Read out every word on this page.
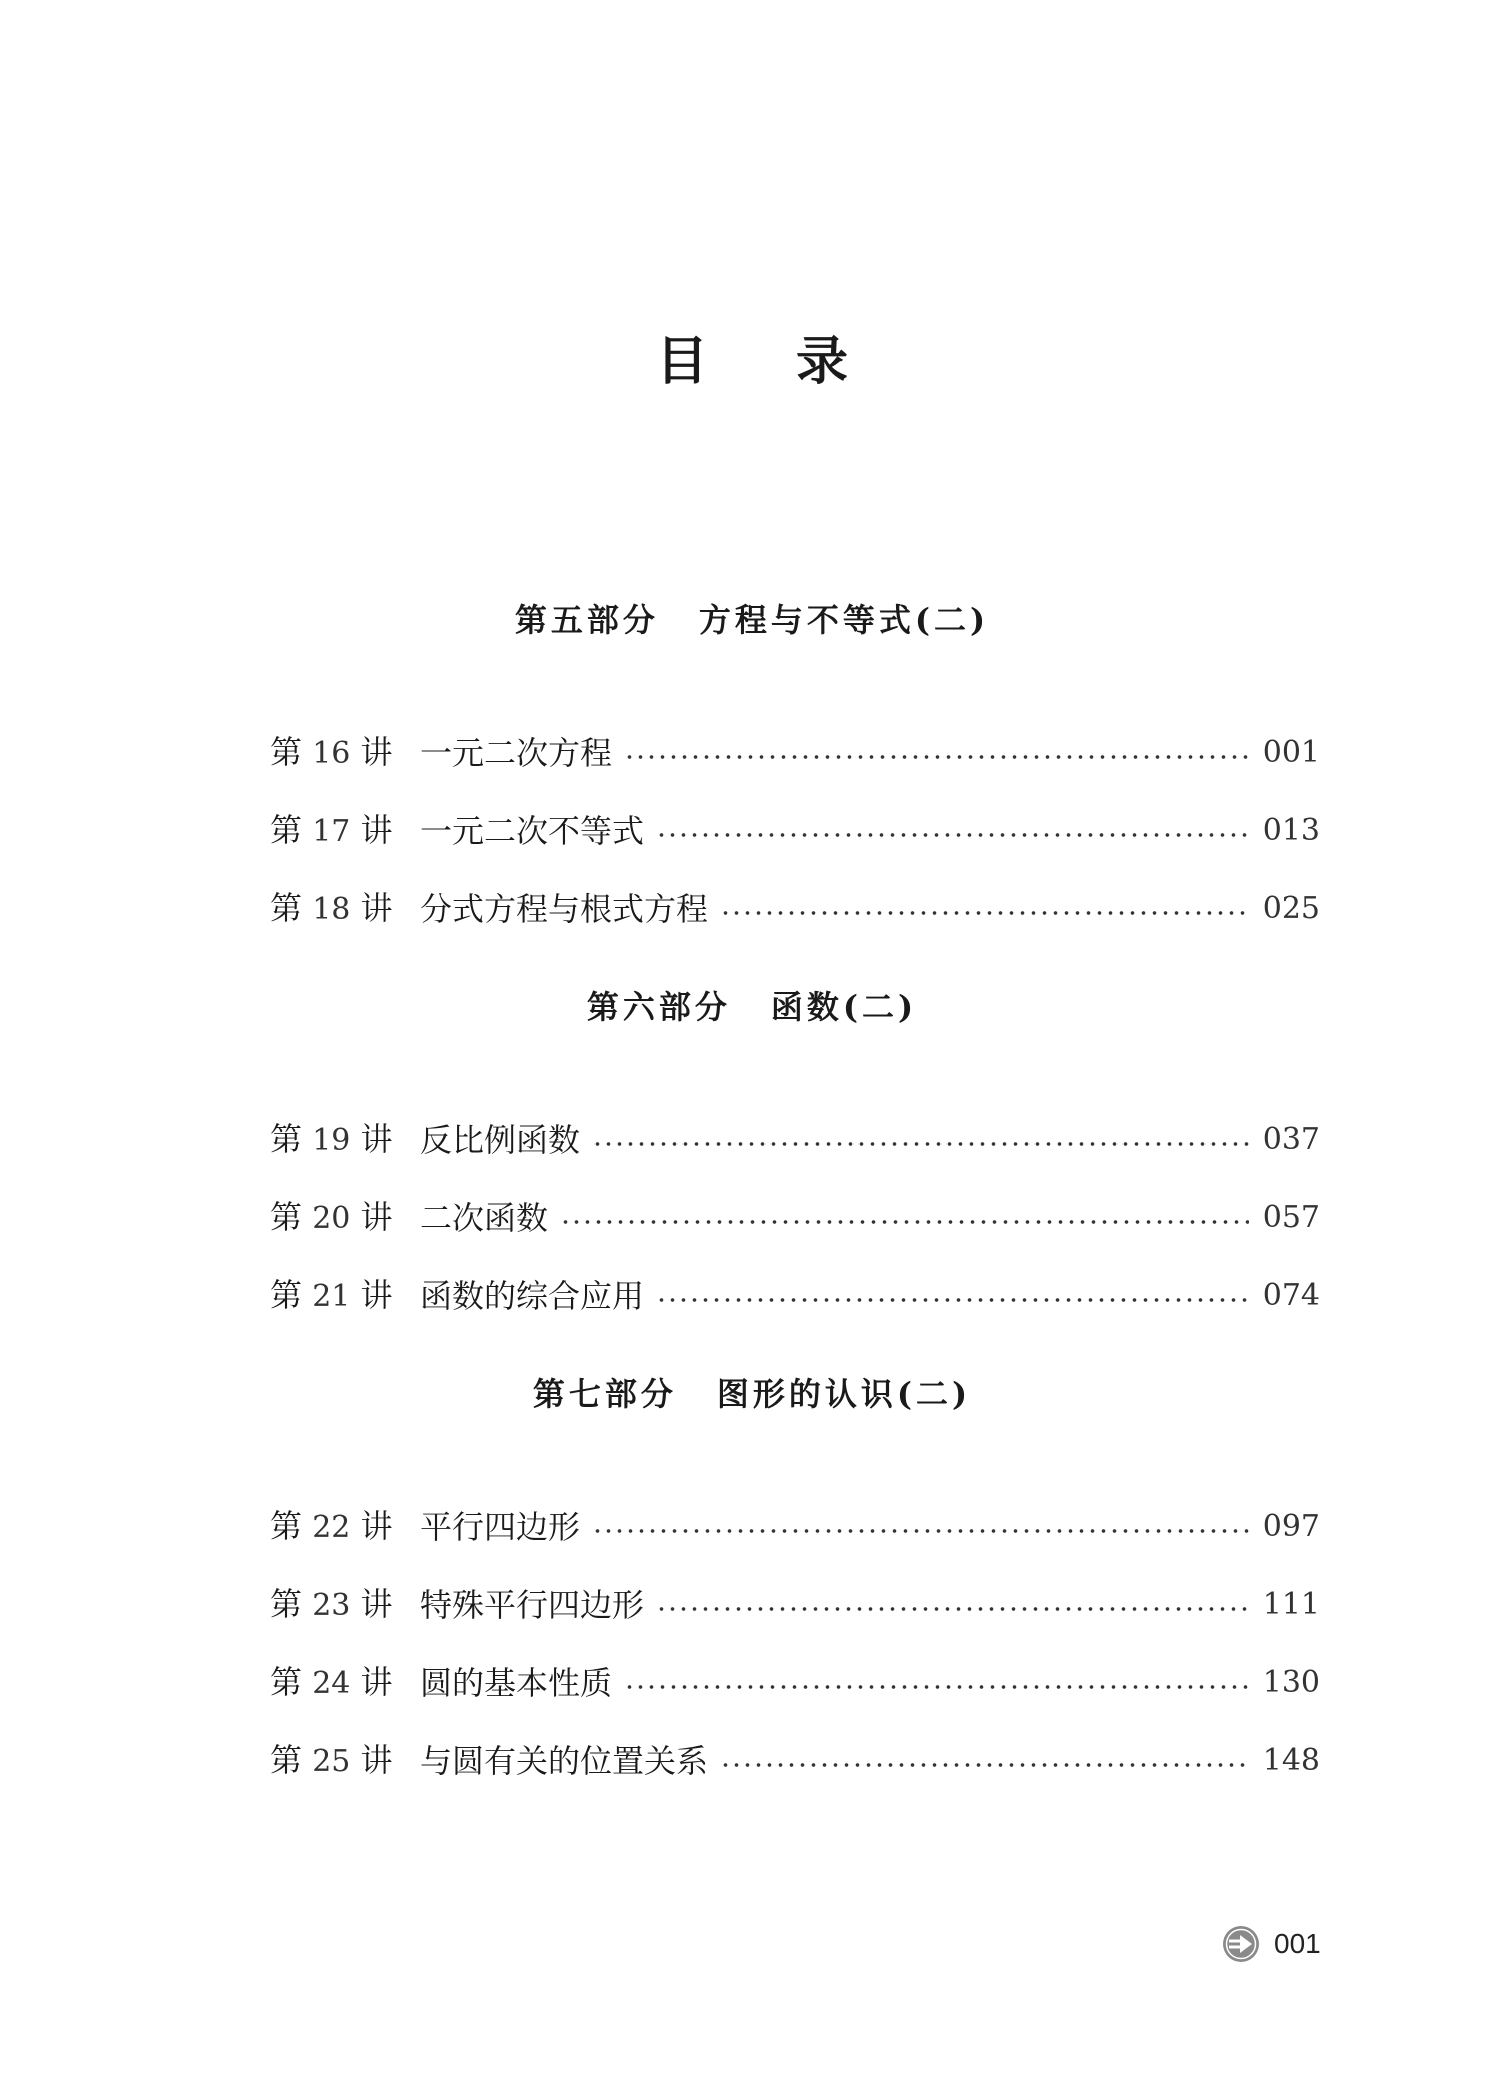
目 录
第五部分 方程与不等式(二)
第 16 讲 一元二次方程	001
第 17 讲 一元二次不等式	013
第 18 讲 分式方程与根式方程	025
第六部分 函数(二)
第 19 讲 反比例函数	037
第 20 讲 二次函数	057
第 21 讲 函数的综合应用	074
第七部分 图形的认识(二)
第 22 讲 平行四边形	097
第 23 讲 特殊平行四边形	111
第 24 讲 圆的基本性质	130
第 25 讲 与圆有关的位置关系	148
001
